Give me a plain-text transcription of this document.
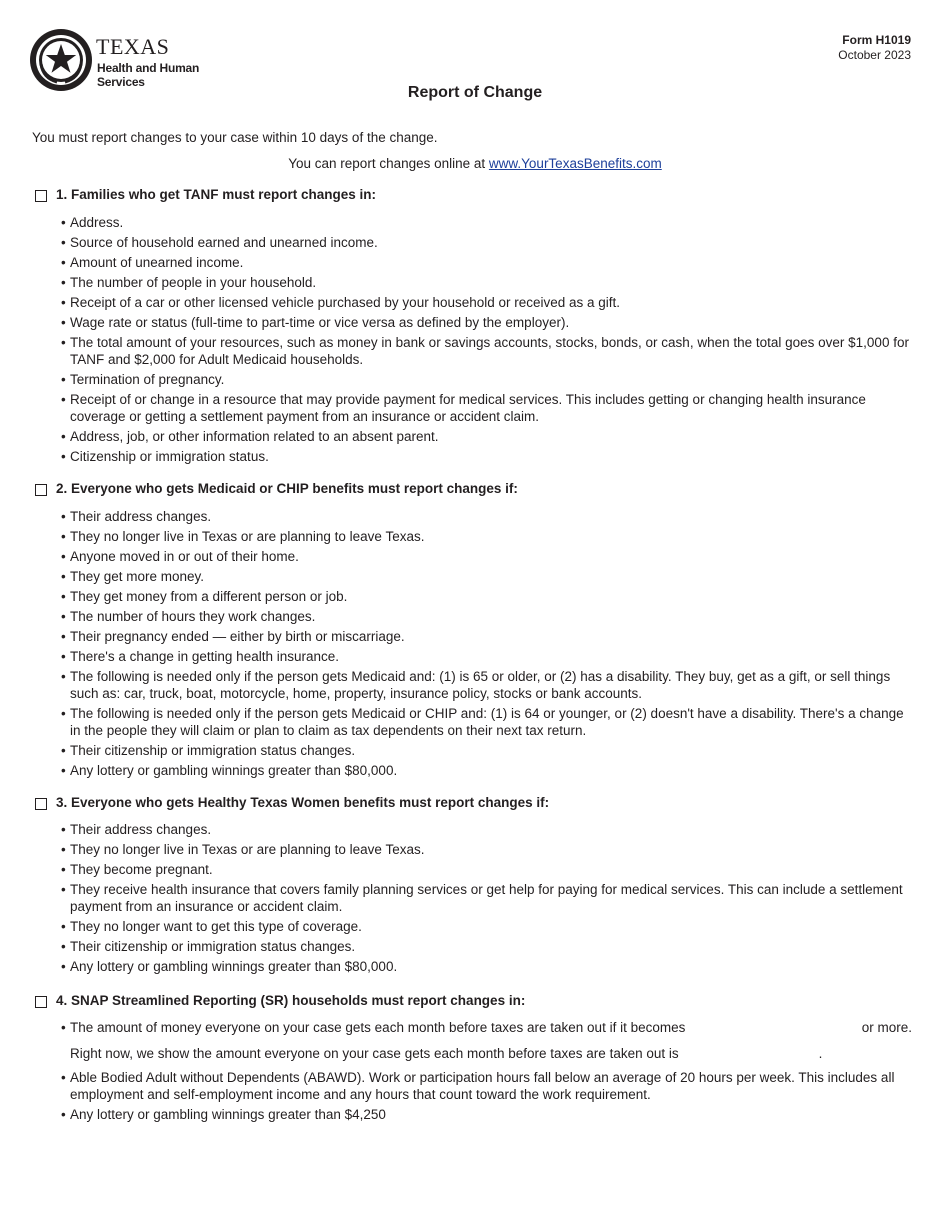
TEXAS
Health and Human Services
Form H1019
October 2023
Report of Change
You must report changes to your case within 10 days of the change.
You can report changes online at www.YourTexasBenefits.com
1. Families who get TANF must report changes in:
• Address.
• Source of household earned and unearned income.
• Amount of unearned income.
• The number of people in your household.
• Receipt of a car or other licensed vehicle purchased by your household or received as a gift.
• Wage rate or status (full-time to part-time or vice versa as defined by the employer).
• The total amount of your resources, such as money in bank or savings accounts, stocks, bonds, or cash, when the total goes over $1,000 for TANF and $2,000 for Adult Medicaid households.
• Termination of pregnancy.
• Receipt of or change in a resource that may provide payment for medical services. This includes getting or changing health insurance coverage or getting a settlement payment from an insurance or accident claim.
• Address, job, or other information related to an absent parent.
• Citizenship or immigration status.
2. Everyone who gets Medicaid or CHIP benefits must report changes if:
• Their address changes.
• They no longer live in Texas or are planning to leave Texas.
• Anyone moved in or out of their home.
• They get more money.
• They get money from a different person or job.
• The number of hours they work changes.
• Their pregnancy ended — either by birth or miscarriage.
• There's a change in getting health insurance.
• The following is needed only if the person gets Medicaid and: (1) is 65 or older, or (2) has a disability. They buy, get as a gift, or sell things such as: car, truck, boat, motorcycle, home, property, insurance policy, stocks or bank accounts.
• The following is needed only if the person gets Medicaid or CHIP and: (1) is 64 or younger, or (2) doesn't have a disability. There's a change in the people they will claim or plan to claim as tax dependents on their next tax return.
• Their citizenship or immigration status changes.
• Any lottery or gambling winnings greater than $80,000.
3. Everyone who gets Healthy Texas Women benefits must report changes if:
• Their address changes.
• They no longer live in Texas or are planning to leave Texas.
• They become pregnant.
• They receive health insurance that covers family planning services or get help for paying for medical services. This can include a settlement payment from an insurance or accident claim.
• They no longer want to get this type of coverage.
• Their citizenship or immigration status changes.
• Any lottery or gambling winnings greater than $80,000.
4. SNAP Streamlined Reporting (SR) households must report changes in:
• The amount of money everyone on your case gets each month before taxes are taken out if it becomes	or more.
Right now, we show the amount everyone on your case gets each month before taxes are taken out is	.
• Able Bodied Adult without Dependents (ABAWD). Work or participation hours fall below an average of 20 hours per week. This includes all employment and self-employment income and any hours that count toward the work requirement.
• Any lottery or gambling winnings greater than $4,250
